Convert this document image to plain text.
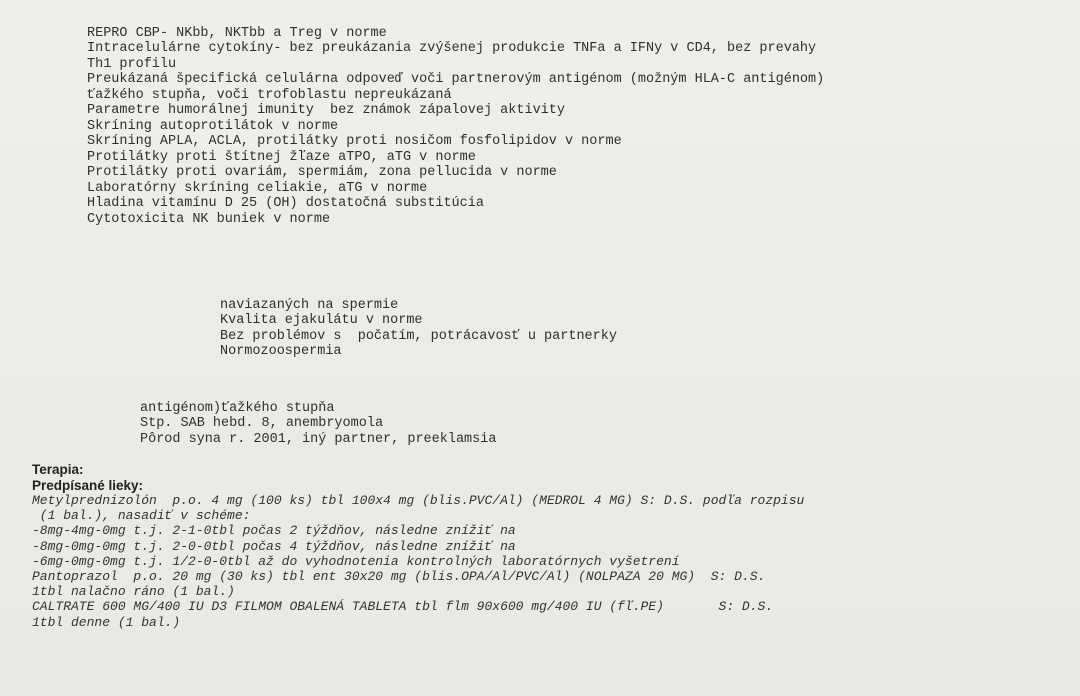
REPRO CBP- NKbb, NKTbb a Treg v norme
Intracelulárne cytokíny- bez preukázania zvýšenej produkcie TNFa a IFNy v CD4, bez prevahy
Th1 profilu
Preukázaná špecifická celulárna odpoveď voči partnerovým antigénom (možným HLA-C antigénom)
ťažkého stupňa, voči trofoblastu nepreukázaná
Parametre humorálnej imunity  bez známok zápalovej aktivity
Skríning autoprotilátok v norme
Skríning APLA, ACLA, protilátky proti nosičom fosfolipidov v norme
Protilátky proti štítnej žľaze aTPO, aTG v norme
Protilátky proti ovariám, spermiám, zona pellucida v norme
Laboratórny skríning celiakie, aTG v norme
Hladina vitamínu D 25 (OH) dostatočná substitúcia
Cytotoxicita NK buniek v norme

naviazaných na spermie
Kvalita ejakulátu v norme
Bez problémov s  počatím, potrácavosť u partnerky
Normozoospermia

antigénom)ťažkého stupňa
Stp. SAB hebd. 8, anembryomola
Pôrod syna r. 2001, iný partner, preeklamsia
Terapia:
Predpísané lieky:
Metylprednizolón  p.o. 4 mg (100 ks) tbl 100x4 mg (blis.PVC/Al) (MEDROL 4 MG) S: D.S. podľa rozpisu
(1 bal.), nasadiť v schéme:
-8mg-4mg-0mg t.j. 2-1-0tbl počas 2 týždňov, následne znížiť na
-8mg-0mg-0mg t.j. 2-0-0tbl počas 4 týždňov, následne znížiť na
-6mg-0mg-0mg t.j. 1/2-0-0tbl až do vyhodnotenia kontrolných laboratórnych vyšetrení
Pantoprazol  p.o. 20 mg (30 ks) tbl ent 30x20 mg (blis.OPA/Al/PVC/Al) (NOLPAZA 20 MG)  S: D.S.
1tbl nalačno ráno (1 bal.)
CALTRATE 600 MG/400 IU D3 FILMOM OBALENÁ TABLETA tbl flm 90x600 mg/400 IU (fľ.PE)       S: D.S.
1tbl denne (1 bal.)
